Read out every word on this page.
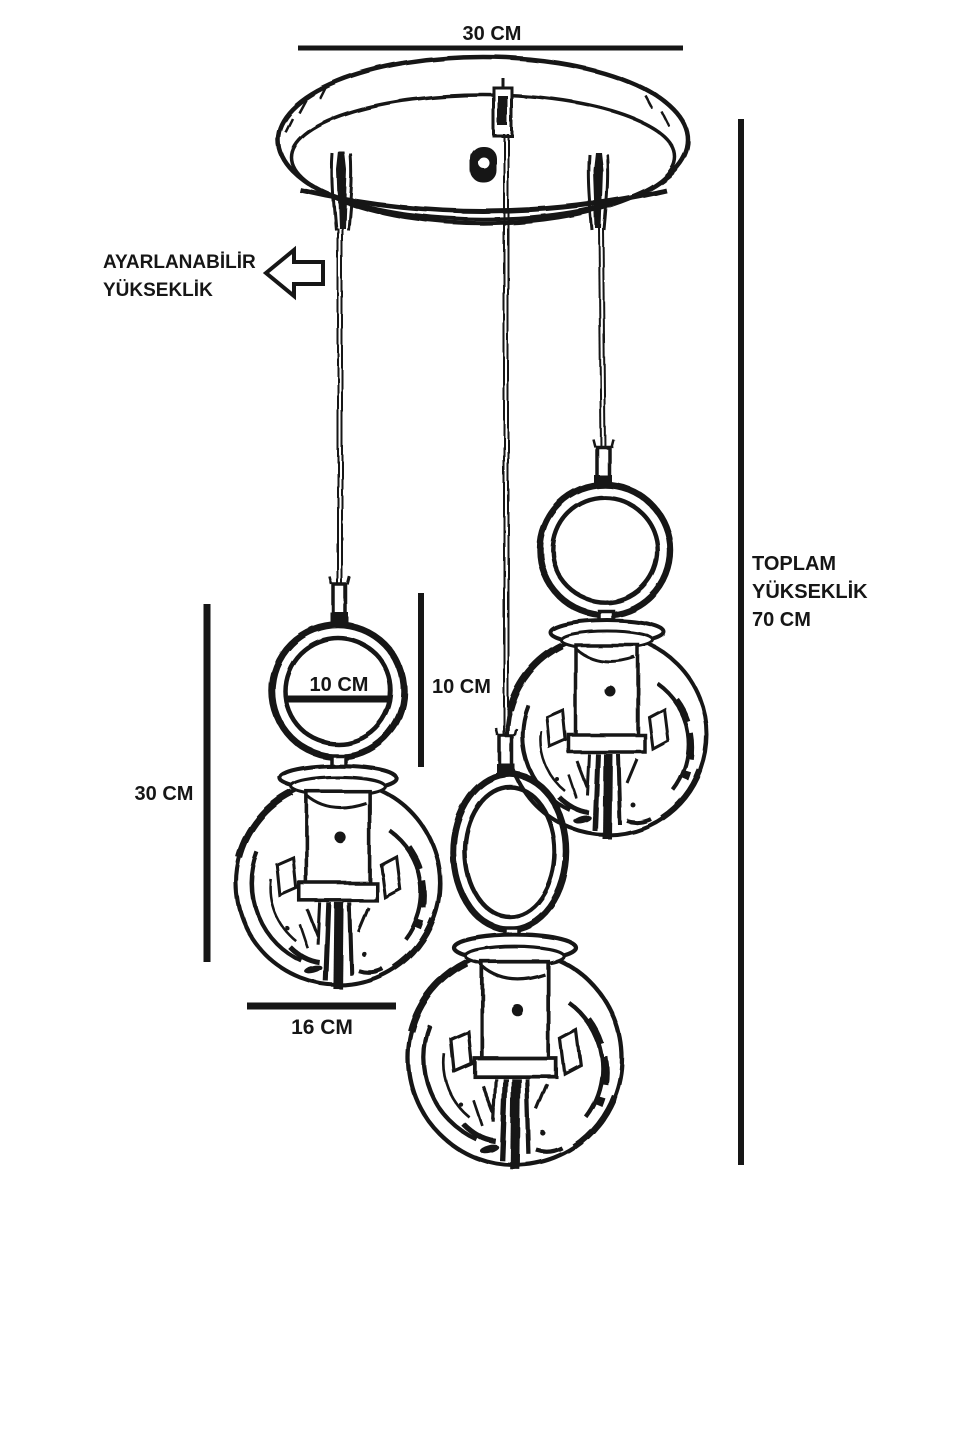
30 CM
AYARLANABİLİR
YÜKSEKLİK
10 CM	10 CM
30 CM
16 CM
TOPLAM
YÜKSEKLİK
70 CM
